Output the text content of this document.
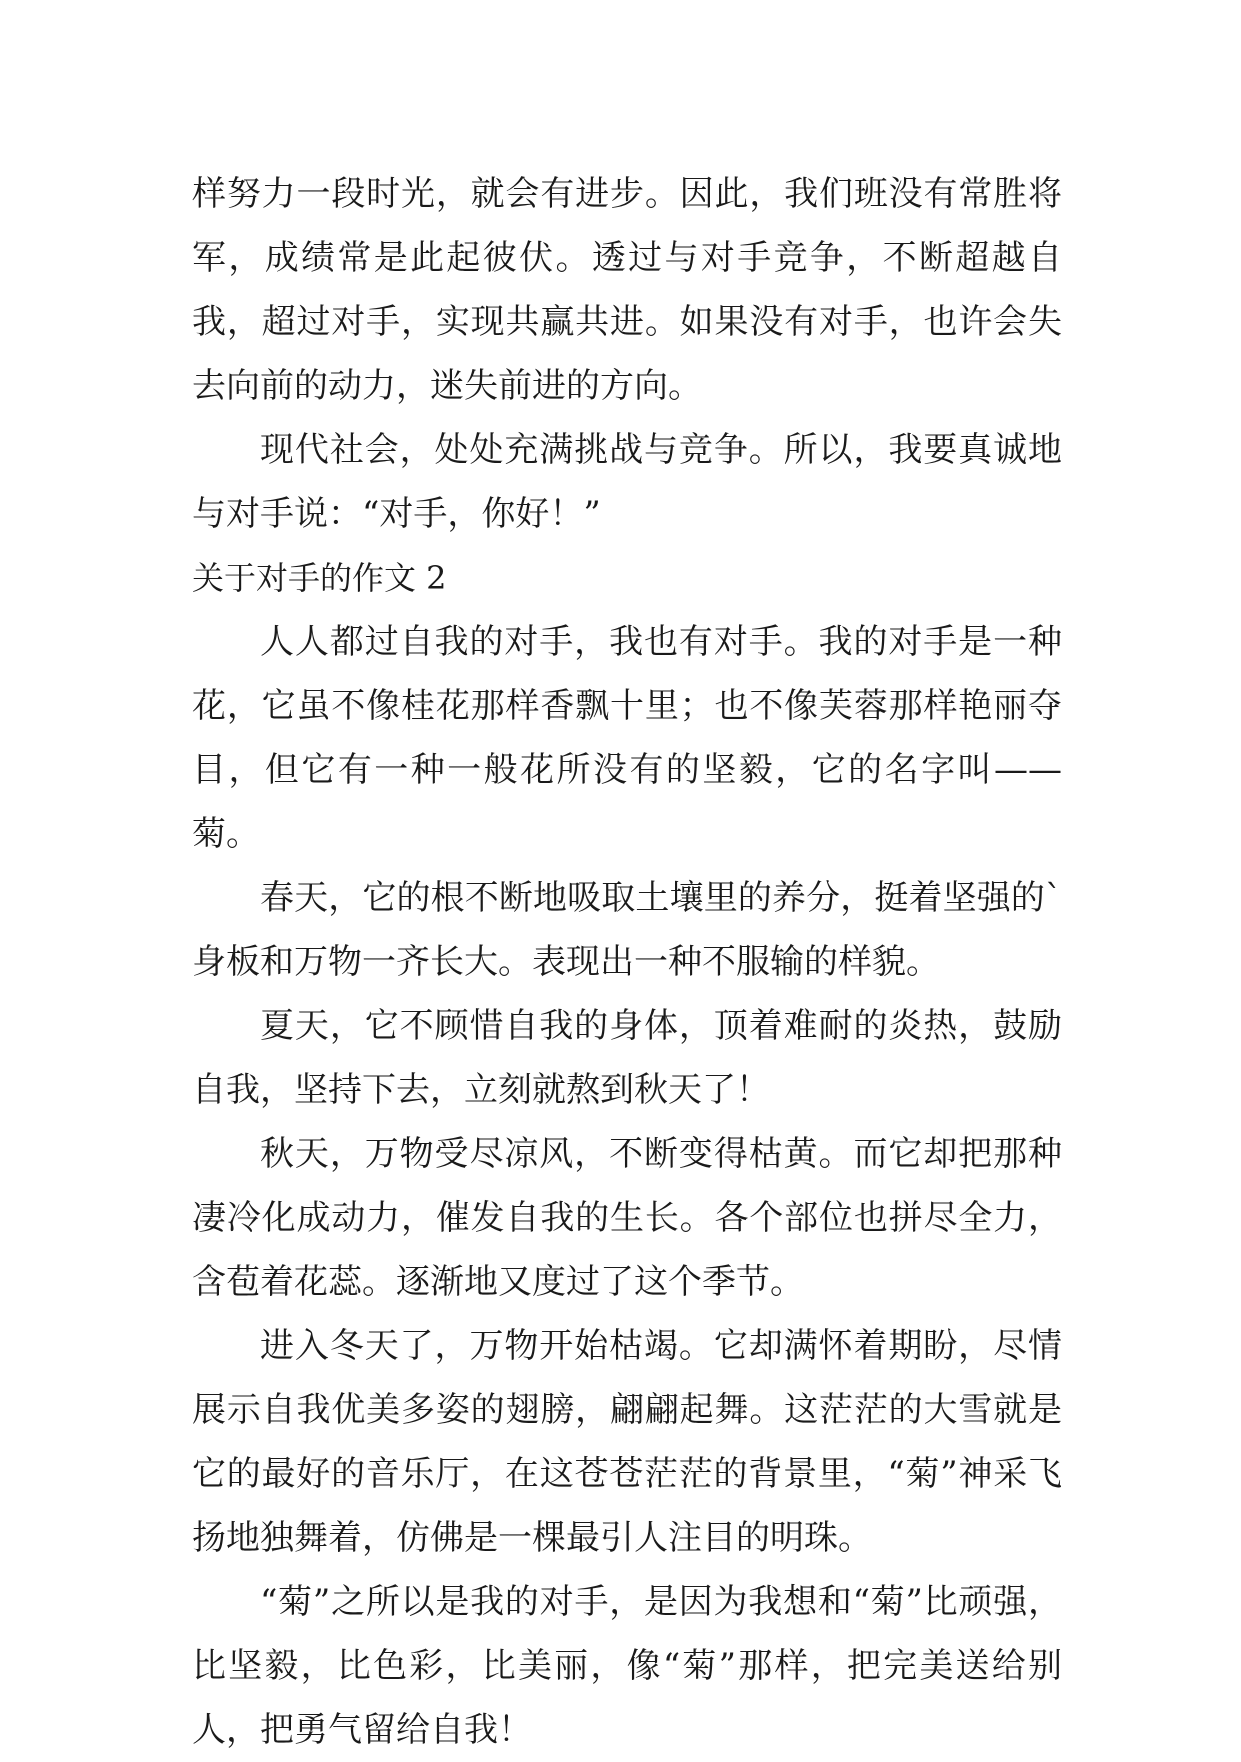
样努力一段时光，就会有进步。因此，我们班没有常胜将军，成绩常是此起彼伏。透过与对手竞争，不断超越自我，超过对手，实现共赢共进。如果没有对手，也许会失去向前的动力，迷失前进的方向。

现代社会，处处充满挑战与竞争。所以，我要真诚地与对手说：“对手，你好！”

关于对手的作文 2

人人都过自我的对手，我也有对手。我的对手是一种花，它虽不像桂花那样香飘十里；也不像芙蓉那样艳丽夺目，但它有一种一般花所没有的坚毅，它的名字叫——菊。

春天，它的根不断地吸取土壤里的养分，挺着坚强的`身板和万物一齐长大。表现出一种不服输的样貌。

夏天，它不顾惜自我的身体，顶着难耐的炎热，鼓励自我，坚持下去，立刻就熬到秋天了！

秋天，万物受尽凉风，不断变得枯黄。而它却把那种凄冷化成动力，催发自我的生长。各个部位也拼尽全力，含苞着花蕊。逐渐地又度过了这个季节。

进入冬天了，万物开始枯竭。它却满怀着期盼，尽情展示自我优美多姿的翅膀，翩翩起舞。这茫茫的大雪就是它的最好的音乐厅，在这苍苍茫茫的背景里，“菊”神采飞扬地独舞着，仿佛是一棵最引人注目的明珠。

“菊”之所以是我的对手，是因为我想和“菊”比顽强，比坚毅，比色彩，比美丽，像“菊”那样，把完美送给别人，把勇气留给自我！
